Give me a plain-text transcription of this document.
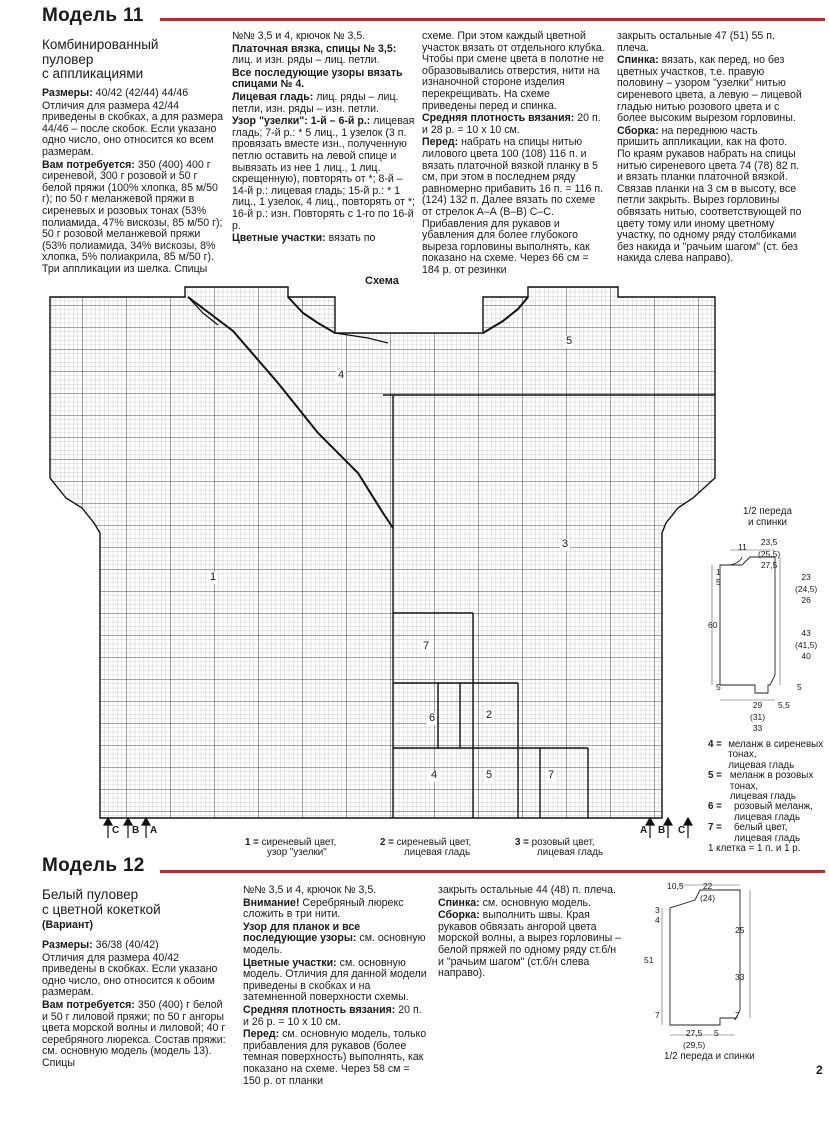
Модель 11
Комбинированный
пуловер
с аппликациями

Размеры: 40/42 (42/44) 44/46

Отличия для размера 42/44 приведены в скобках, а для размера 44/46 – после скобок. Если указано одно число, оно относится ко всем размерам.

Вам потребуется: 350 (400) 400 г сиреневой, 300 г розовой и 50 г белой пряжи (100% хлопка, 85 м/50 г); по 50 г меланжевой пряжи в сиреневых и розовых тонах (53% полиамида, 47% вискозы, 85 м/50 г); 50 г розовой меланжевой пряжи (53% полиамида, 34% вискозы, 8% хлопка, 5% полиакрила, 85 м/50 г). Три аппликации из шелка. Спицы

№№ 3,5 и 4, крючок № 3,5.

Платочная вязка, спицы № 3,5: лиц. и изн. ряды – лиц. петли.

Все последующие узоры вязать спицами № 4.

Лицевая гладь: лиц. ряды – лиц. петли, изн. ряды – изн. петли.

Узор "узелки": 1-й – 6-й р.: лицевая гладь; 7-й р.: * 5 лиц., 1 узелок (3 п. провязать вместе изн., полученную петлю оставить на левой спице и вывязать из нее 1 лиц., 1 лиц. скрещенную), повторять от *; 8-й – 14-й р.: лицевая гладь; 15-й р.: * 1 лиц., 1 узелок, 4 лиц., повторять от *; 16-й р.: изн. Повторять с 1-го по 16-й р.

Цветные участки: вязать по

схеме. При этом каждый цветной участок вязать от отдельного клубка. Чтобы при смене цвета в полотне не образовывались отверстия, нити на изнаночной стороне изделия перекрещивать. На схеме приведены перед и спинка.

Средняя плотность вязания: 20 п. и 28 р. = 10 х 10 см.

Перед: набрать на спицы нитью лилового цвета 100 (108) 116 п. и вязать платочной вязкой планку в 5 см, при этом в последнем ряду равномерно прибавить 16 п. = 116 п. (124) 132 п. Далее вязать по схеме от стрелок А–А (В–В) С–С. Прибавления для рукавов и убавления для более глубокого выреза горловины выполнять, как показано на схеме. Через 66 см = 184 р. от резинки

закрыть остальные 47 (51) 55 п. плеча.

Спинка: вязать, как перед, но без цветных участков, т.е. правую половину – узором "узелки" нитью сиреневого цвета, а левую – лицевой гладью нитью розового цвета и с более высоким вырезом горловины.

Сборка: на переднюю часть пришить аппликации, как на фото. По краям рукавов набрать на спицы нитью сиреневого цвета 74 (78) 82 п. и вязать планки платочной вязкой. Связав планки на 3 см в высоту, все петли закрыть. Вырез горловины обвязать нитью, соответствующей по цвету тому или иному цветному участку, по одному ряду столбиками без накида и "рачьим шагом" (ст. без накида слева направо).

Схема
1
2
3
4
5
6
7
4	5	7
C B A	A B C
1 = сиреневый цвет,
узор "узелки"
2 = сиреневый цвет,
лицевая гладь
3 = розовый цвет,
лицевая гладь
4 = меланж в сиреневых тонах,
лицевая гладь
5 = меланж в розовых тонах,
лицевая гладь
6 =	розовый меланж,
лицевая гладь
7 =	белый цвет,
лицевая гладь
1 клетка = 1 п. и 1 р.
1/2 переда
и спинки
23,5
(25,5)
27,5
11
1
5	23
(24,5)
26
60
43
(41,5)
40
5	5
29
(31)
33
5,5
Модель 12
Белый пуловер
с цветной кокеткой
(Вариант)

Размеры: 36/38 (40/42)

Отличия для размера 40/42 приведены в скобках. Если указано одно число, оно относится к обоим размерам.

Вам потребуется: 350 (400) г белой и 50 г лиловой пряжи; по 50 г ангоры цвета морской волны и лиловой; 40 г серебряного люрекса. Состав пряжи: см. основную модель (модель 13). Спицы

№№ 3,5 и 4, крючок № 3,5.

Внимание! Серебряный люрекс сложить в три нити.

Узор для планок и все последующие узоры: см. основную модель.

Цветные участки: см. основную модель. Отличия для данной модели приведены в скобках и на затемненной поверхности схемы.

Средняя плотность вязания: 20 п. и 26 р. = 10 х 10 см.

Перед: см. основную модель, только прибавления для рукавов (более темная поверхность) выполнять, как показано на схеме. Через 58 см = 150 р. от планки

закрыть остальные 44 (48) п. плеча.

Спинка: см. основную модель.

Сборка: выполнить швы. Края рукавов обвязать ангорой цвета морской волны, а вырез горловины – белой пряжей по одному ряду ст.б/н и "рачьим шагом" (ст.б/н слева направо).

10,5	22
(24)
3
4
51
25
33
7	7
27,5
(29,5)
5
1/2 переда и спинки
2
